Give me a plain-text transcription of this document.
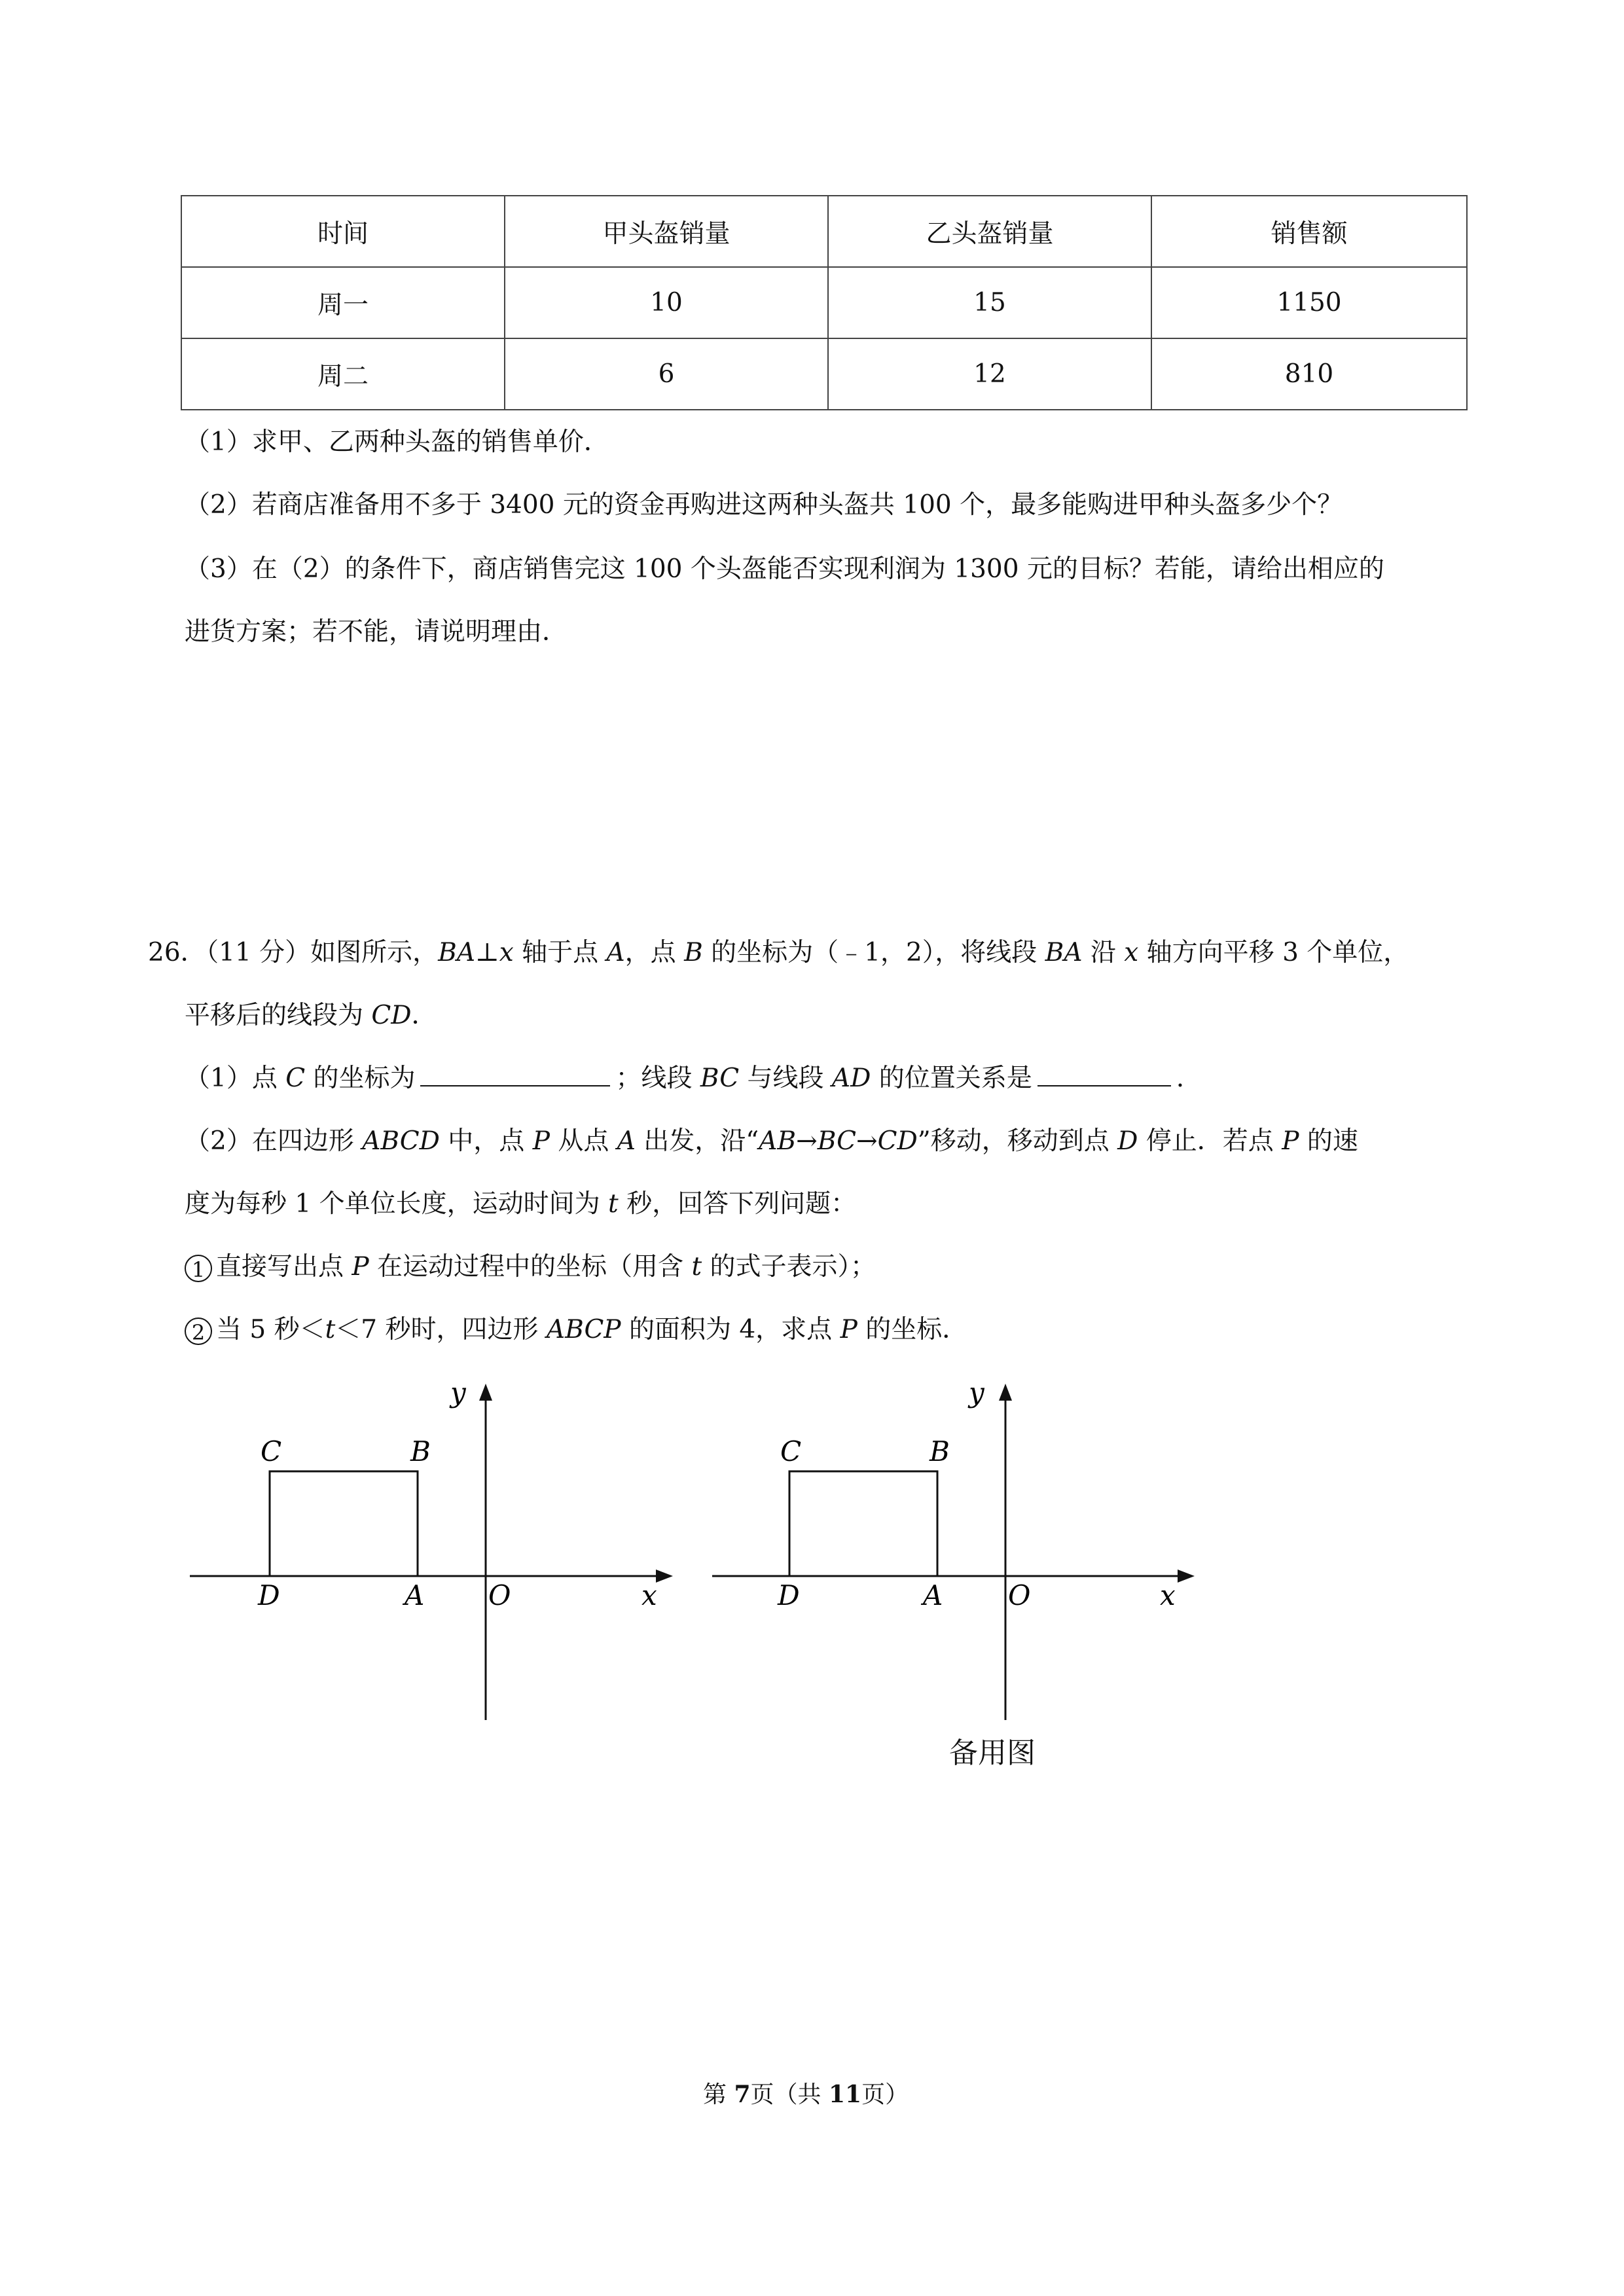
时间	甲头盔销量	乙头盔销量	销售额
周一	10	15	1150
周二	6	12	810
（1）求甲、乙两种头盔的销售单价．
（2）若商店准备用不多于 3400 元的资金再购进这两种头盔共 100 个，最多能购进甲种头盔多少个？
（3）在（2）的条件下，商店销售完这 100 个头盔能否实现利润为 1300 元的目标？若能，请给出相应的
进货方案；若不能，请说明理由．
26．（11 分）如图所示，BA⊥x 轴于点 A，点 B 的坐标为（﹣1，2），将线段 BA 沿 x 轴方向平移 3 个单位，
平移后的线段为 CD．
（1）点 C 的坐标为	；线段 BC 与线段 AD 的位置关系是	.
（2）在四边形 ABCD 中，点 P 从点 A 出发，沿“AB→BC→CD”移动，移动到点 D 停止．若点 P 的速
度为每秒 1 个单位长度，运动时间为 t 秒，回答下列问题：
1 直接写出点 P 在运动过程中的坐标（用含 t 的式子表示）；
2 当 5 秒＜t＜7 秒时，四边形 ABCP 的面积为 4，求点 P 的坐标．
y
C	B
D	A O	x
y
C	B
D	A O	x
备用图
第 7页（共 11页）
